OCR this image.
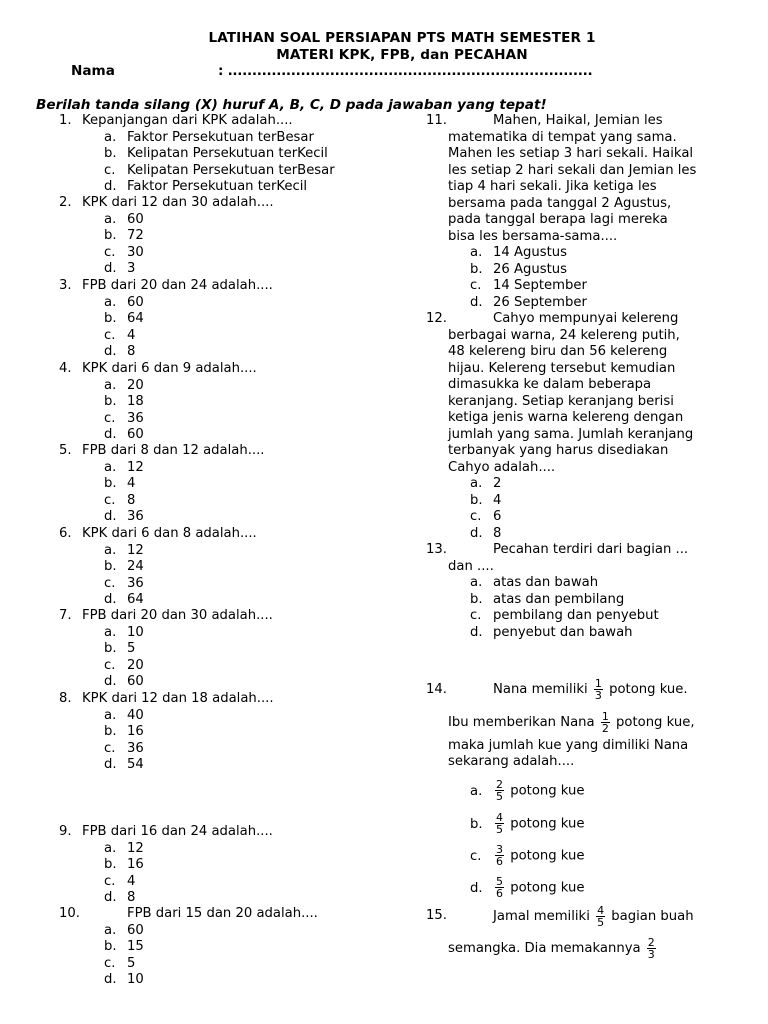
LATIHAN SOAL PERSIAPAN PTS MATH SEMESTER 1
MATERI KPK, FPB, dan PECAHAN
Nama	: ...........................................................................
Berilah tanda silang (X) huruf A, B, C, D pada jawaban yang tepat!
1. Kepanjangan dari KPK adalah....
a. Faktor Persekutuan terBesar
b. Kelipatan Persekutuan terKecil
c. Kelipatan Persekutuan terBesar
d. Faktor Persekutuan terKecil
2. KPK dari 12 dan 30 adalah....
a. 60
b. 72
c. 30
d. 3
3. FPB dari 20 dan 24 adalah....
a. 60
b. 64
c. 4
d. 8
4. KPK dari 6 dan 9 adalah....
a. 20
b. 18
c. 36
d. 60
5. FPB dari 8 dan 12 adalah....
a. 12
b. 4
c. 8
d. 36
6. KPK dari 6 dan 8 adalah....
a. 12
b. 24
c. 36
d. 64
7. FPB dari 20 dan 30 adalah....
a. 10
b. 5
c. 20
d. 60
8. KPK dari 12 dan 18 adalah....
a. 40
b. 16
c. 36
d. 54
9. FPB dari 16 dan 24 adalah....
a. 12
b. 16
c. 4
d. 8
10.	FPB dari 15 dan 20 adalah....
a. 60
b. 15
c. 5
d. 10
11.	Mahen, Haikal, Jemian les
matematika di tempat yang sama.
Mahen les setiap 3 hari sekali. Haikal
les setiap 2 hari sekali dan Jemian les
tiap 4 hari sekali. Jika ketiga les
bersama pada tanggal 2 Agustus,
pada tanggal berapa lagi mereka
bisa les bersama-sama....
a. 14 Agustus
b. 26 Agustus
c. 14 September
d. 26 September
12.	Cahyo mempunyai kelereng
berbagai warna, 24 kelereng putih,
48 kelereng biru dan 56 kelereng
hijau. Kelereng tersebut kemudian
dimasukka ke dalam beberapa
keranjang. Setiap keranjang berisi
ketiga jenis warna kelereng dengan
jumlah yang sama. Jumlah keranjang
terbanyak yang harus disediakan
Cahyo adalah....
a. 2
b. 4
c. 6
d. 8
13.	Pecahan terdiri dari bagian ...
dan ....
a. atas dan bawah
b. atas dan pembilang
c. pembilang dan penyebut
d. penyebut dan bawah
14.	Nana memiliki $\frac{1}{3}$ potong kue.
Ibu memberikan Nana $\frac{1}{2}$ potong kue,
maka jumlah kue yang dimiliki Nana
sekarang adalah....
a. $\frac{2}{5}$ potong kue
b. $\frac{4}{5}$ potong kue
c. $\frac{3}{6}$ potong kue
d. $\frac{5}{6}$ potong kue
15.	Jamal memiliki $\frac{4}{5}$ bagian buah
semangka. Dia memakannya $\frac{2}{3}$
